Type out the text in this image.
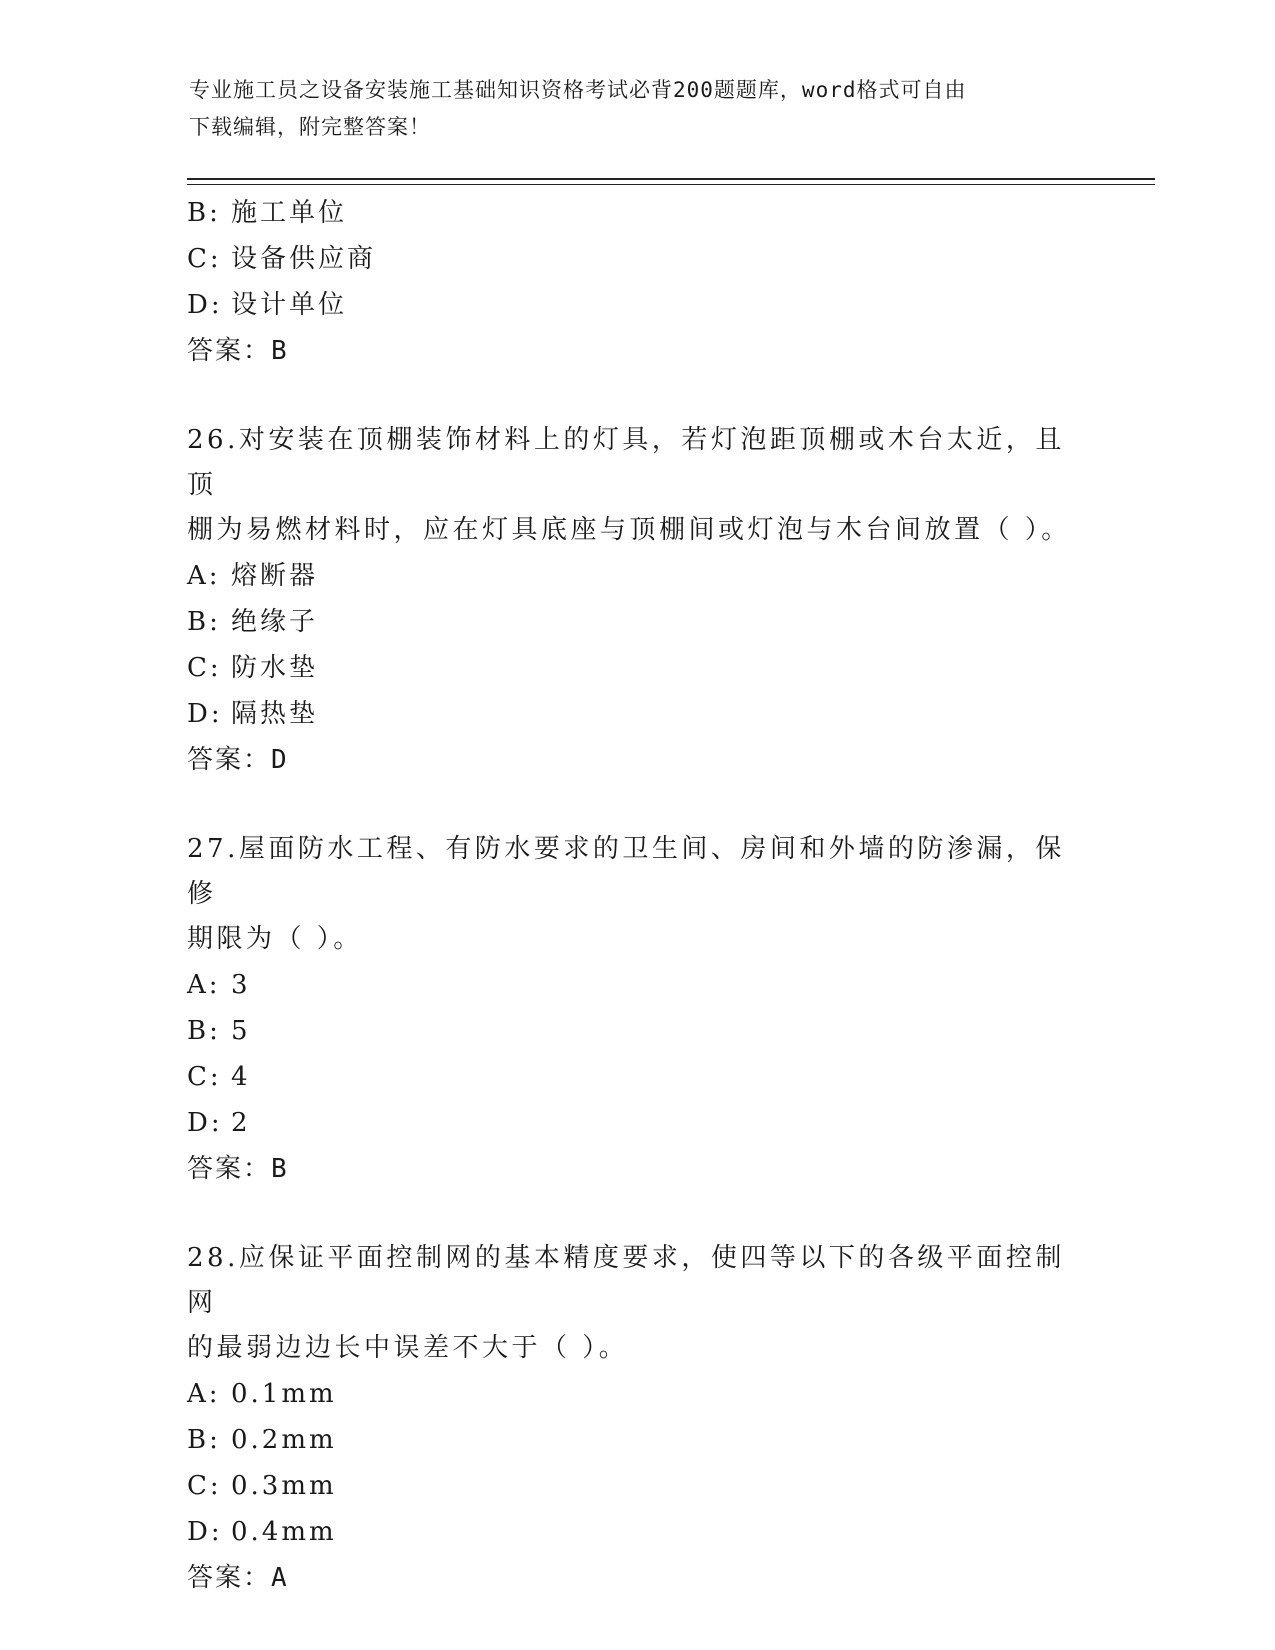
专业施工员之设备安装施工基础知识资格考试必背200题题库，word格式可自由
下载编辑，附完整答案！
B: 施工单位
C: 设备供应商
D: 设计单位
答案：B
26.对安装在顶棚装饰材料上的灯具，若灯泡距顶棚或木台太近，且顶
棚为易燃材料时，应在灯具底座与顶棚间或灯泡与木台间放置（ ）。
A: 熔断器
B: 绝缘子
C: 防水垫
D: 隔热垫
答案：D
27.屋面防水工程、有防水要求的卫生间、房间和外墙的防渗漏，保修
期限为（ ）。
A: 3
B: 5
C: 4
D: 2
答案：B
28.应保证平面控制网的基本精度要求，使四等以下的各级平面控制网
的最弱边边长中误差不大于（ ）。
A: 0.1mm
B: 0.2mm
C: 0.3mm
D: 0.4mm
答案：A
